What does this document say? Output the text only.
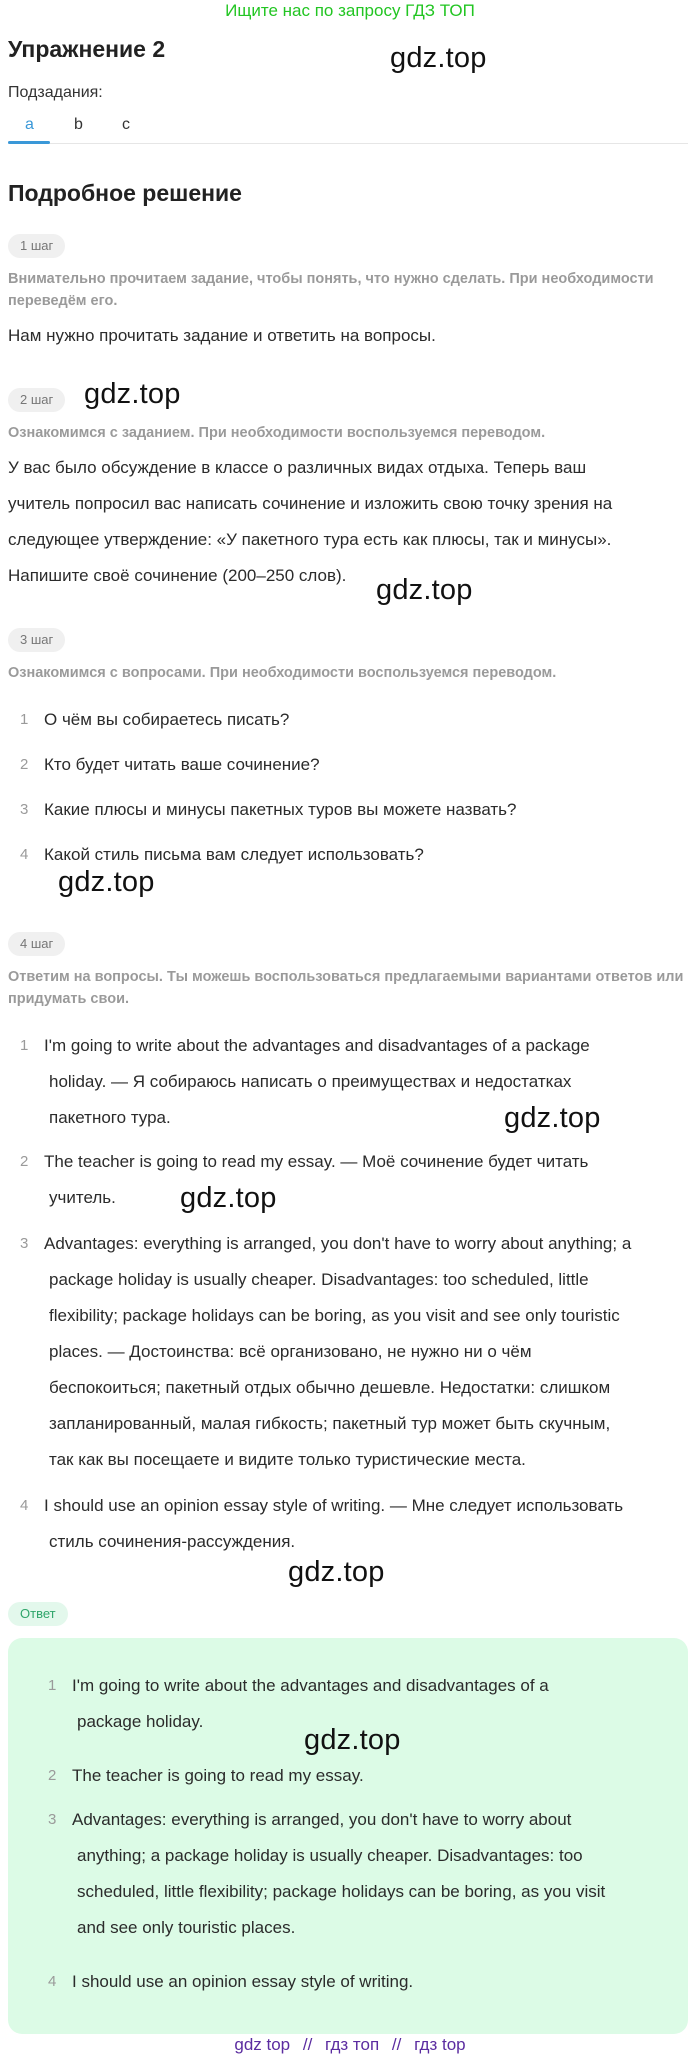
Ищите нас по запросу ГДЗ ТОП
Упражнение 2	gdz.top
Подзадания:
a	b c
Подробное решение
1 шаг
Внимательно прочитаем задание, чтобы понять, что нужно сделать. При необходимости переведём его.
Нам нужно прочитать задание и ответить на вопросы.
2 шаг	gdz.top
Ознакомимся с заданием. При необходимости воспользуемся переводом.
У вас было обсуждение в классе о различных видах отдыха. Теперь ваш
учитель попросил вас написать сочинение и изложить свою точку зрения на
следующее утверждение: «У пакетного тура есть как плюсы, так и минусы».
Напишите своё сочинение (200–250 слов).	gdz.top
3 шаг
Ознакомимся с вопросами. При необходимости воспользуемся переводом.
1 О чём вы собираетесь писать?
2 Кто будет читать ваше сочинение?
3 Какие плюсы и минусы пакетных туров вы можете назвать?
4 Какой стиль письма вам следует использовать?
gdz.top
4 шаг
Ответим на вопросы. Ты можешь воспользоваться предлагаемыми вариантами ответов или придумать свои.
1 I'm going to write about the advantages and disadvantages of a package
holiday. — Я собираюсь написать о преимуществах и недостатках
пакетного тура.	gdz.top
2 The teacher is going to read my essay. — Моё сочинение будет читать
учитель.	gdz.top
3 Advantages: everything is arranged, you don't have to worry about anything; a
package holiday is usually cheaper. Disadvantages: too scheduled, little
flexibility; package holidays can be boring, as you visit and see only touristic
places. — Достоинства: всё организовано, не нужно ни о чём
беспокоиться; пакетный отдых обычно дешевле. Недостатки: слишком
запланированный, малая гибкость; пакетный тур может быть скучным,
так как вы посещаете и видите только туристические места.
4 I should use an opinion essay style of writing. — Мне следует использовать
стиль сочинения-рассуждения.
gdz.top
Ответ
1 I'm going to write about the advantages and disadvantages of a
package holiday.
gdz.top
2 The teacher is going to read my essay.
3 Advantages: everything is arranged, you don't have to worry about
anything; a package holiday is usually cheaper. Disadvantages: too
scheduled, little flexibility; package holidays can be boring, as you visit
and see only touristic places.
4 I should use an opinion essay style of writing.
gdz top // гдз топ // гдз top
